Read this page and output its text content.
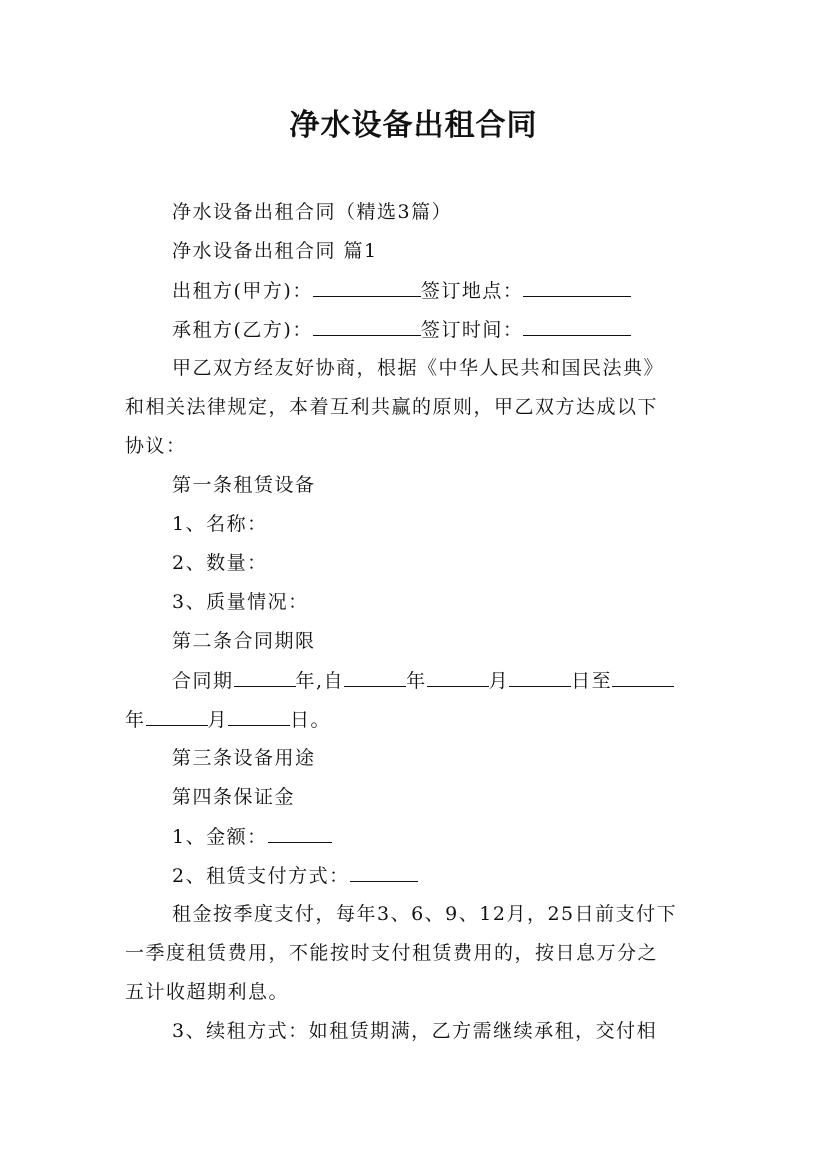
净水设备出租合同
净水设备出租合同（精选3篇）
净水设备出租合同 篇1
出租方(甲方)：	签订地点：
承租方(乙方)：	签订时间：
甲乙双方经友好协商，根据《中华人民共和国民法典》
和相关法律规定，本着互利共赢的原则，甲乙双方达成以下
协议：
第一条租赁设备
1、名称：
2、数量：
3、质量情况：
第二条合同期限
合同期	年,自	年	月	日至
年	月	日。
第三条设备用途
第四条保证金
1、金额：
2、租赁支付方式：
租金按季度支付，每年3、6、9、12月，25日前支付下
一季度租赁费用，不能按时支付租赁费用的，按日息万分之
五计收超期利息。
3、续租方式：如租赁期满，乙方需继续承租，交付相
